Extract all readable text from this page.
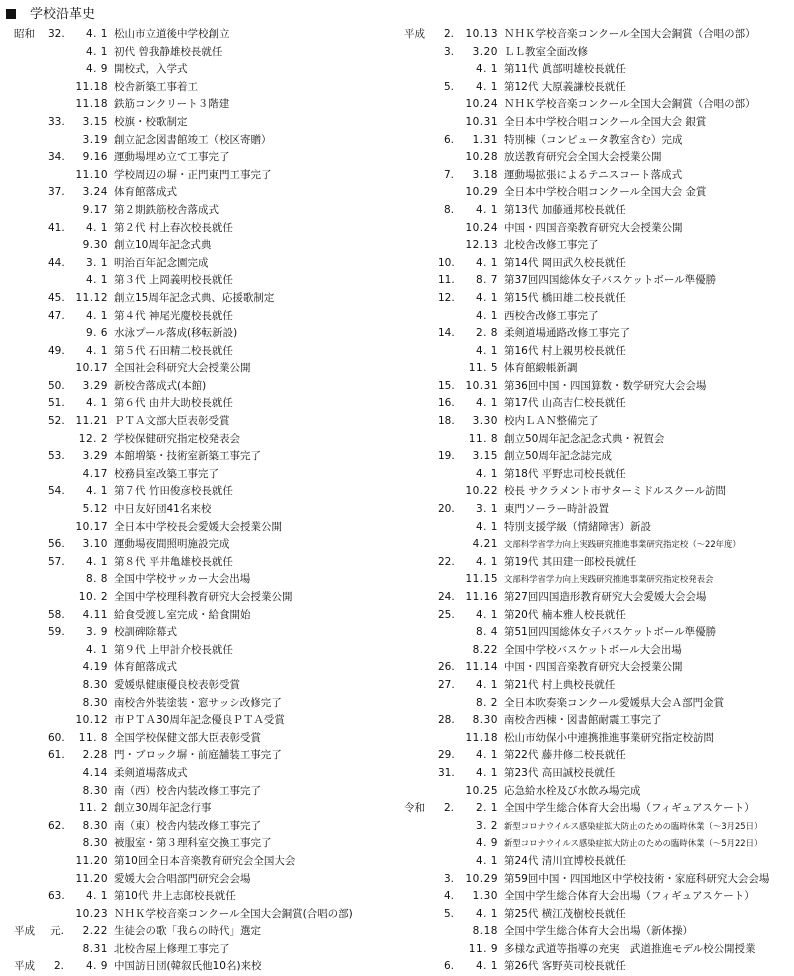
学校沿革史
昭和	32.	4. 1 松山市立道後中学校創立
4. 1 初代 曾我静雄校長就任
4. 9 開校式，入学式
11.18 校舎新築工事着工
11.18 鉄筋コンクリート３階建
33.	3.15 校旗・校歌制定
3.19 創立記念図書館竣工（校区寄贈）
34.	9.16 運動場埋め立て工事完了
11.10 学校周辺の塀・正門東門工事完了
37.	3.24 体育館落成式
9.17 第２期鉄筋校舎落成式
41.	4. 1 第２代 村上春次校長就任
9.30 創立10周年記念式典
44.	3. 1 明治百年記念園完成
4. 1 第３代 上岡義明校長就任
45.	11.12 創立15周年記念式典、応援歌制定
47.	4. 1 第４代 神尾光慶校長就任
9. 6 水泳プール落成(移転新設)
49.	4. 1 第５代 石田精二校長就任
10.17 全国社会科研究大会授業公開
50.	3.29 新校舎落成式(本館)
51.	4. 1 第６代 由井大助校長就任
52.	11.21 ＰＴＡ文部大臣表彰受賞
12. 2 学校保健研究指定校発表会
53.	3.29 本館増築・技術室新築工事完了
4.17 校務員室改築工事完了
54.	4. 1 第７代 竹田俊彦校長就任
5.12 中日友好団41名来校
10.17 全日本中学校長会愛媛大会授業公開
56.	3.10 運動場夜間照明施設完成
57.	4. 1 第８代 平井亀雄校長就任
8. 8 全国中学校サッカー大会出場
10. 2 全国中学校理科教育研究大会授業公開
58.	4.11 給食受渡し室完成・給食開始
59.	3. 9 校訓碑除幕式
4. 1 第９代 上甲計介校長就任
4.19 体育館落成式
8.30 愛媛県健康優良校表彰受賞
8.30 南校舎外装塗装・窓サッシ改修完了
10.12 市ＰＴＡ30周年記念優良ＰＴＡ受賞
60.	11. 8 全国学校保健文部大臣表彰受賞
61.	2.28 門・ブロック塀・前庭舗装工事完了
4.14 柔剣道場落成式
8.30 南（西）校舎内装改修工事完了
11. 2 創立30周年記念行事
62.	8.30 南（東）校舎内装改修工事完了
8.30 被服室・第３理科室交換工事完了
11.20 第10回全日本音楽教育研究会全国大会
11.20 愛媛大会合唱部門研究会会場
63.	4. 1 第10代 井上志郎校長就任
10.23 ＮＨＫ学校音楽コンクール全国大会銅賞(合唱の部)
平成	元.	2.22 生徒会の歌「我らの時代」選定
8.31 北校舎屋上修理工事完了
平成	2.	4. 9 中国訪日団(韓叙氏他10名)来校
平成	2.	10.13 ＮＨＫ学校音楽コンクール全国大会銅賞（合唱の部）
3.	3.20 ＬＬ教室全面改修
4. 1 第11代 眞部明雄校長就任
5.	4. 1 第12代 大原義謙校長就任
10.24 ＮＨＫ学校音楽コンクール全国大会銅賞（合唱の部）
10.31 全日本中学校合唱コンクール全国大会 銀賞
6.	1.31 特別棟（コンピュータ教室含む）完成
10.28 放送教育研究会全国大会授業公開
7.	3.18 運動場拡張によるテニスコート落成式
10.29 全日本中学校合唱コンクール全国大会 金賞
8.	4. 1 第13代 加藤通邦校長就任
10.24 中国・四国音楽教育研究大会授業公開
12.13 北校舎改修工事完了
10.	4. 1 第14代 岡田武久校長就任
11.	8. 7 第37回四国総体女子バスケットボール準優勝
12.	4. 1 第15代 橋田雄二校長就任
4. 1 西校舎改修工事完了
14.	2. 8 柔剣道場通路改修工事完了
4. 1 第16代 村上親男校長就任
11. 5 体育館緞帳新調
15.	10.31 第36回中国・四国算数・数学研究大会会場
16.	4. 1 第17代 山高吉仁校長就任
18.	3.30 校内ＬＡＮ整備完了
11. 8 創立50周年記念記念式典・祝賀会
19.	3.15 創立50周年記念誌完成
4. 1 第18代 平野忠司校長就任
10.22 校長 サクラメント市サターミドルスクール訪問
20.	3. 1 東門ソーラー時計設置
4. 1 特別支援学級（情緒障害）新設
4.21 文部科学省学力向上実践研究推進事業研究指定校（～22年度）
22.	4. 1 第19代 其田建一郎校長就任
11.15 文部科学省学力向上実践研究推進事業研究指定校発表会
24.	11.16 第27回四国造形教育研究大会愛媛大会会場
25.	4. 1 第20代 楠本雅人校長就任
8. 4 第51回四国総体女子バスケットボール準優勝
8.22 全国中学校バスケットボール大会出場
26.	11.14 中国・四国音楽教育研究大会授業公開
27.	4. 1 第21代 村上典校長就任
8. 2 全日本吹奏楽コンクール愛媛県大会Ａ部門金賞
28.	8.30 南校舎西棟・図書館耐震工事完了
11.18 松山市幼保小中連携推進事業研究指定校訪問
29.	4. 1 第22代 藤井修二校長就任
31.	4. 1 第23代 高田誠校長就任
10.25 応急給水栓及び水飲み場完成
令和	2.	2. 1 全国中学生総合体育大会出場（フィギュアスケート）
3. 2 新型コロナウイルス感染症拡大防止のための臨時休業（～3月25日）
4. 9 新型コロナウイルス感染症拡大防止のための臨時休業（～5月22日）
4. 1 第24代 清川宜博校長就任
3.	10.29 第59回中国・四国地区中学校技術・家庭科研究大会会場
4.	1.30 全国中学生総合体育大会出場（フィギュアスケート）
5.	4. 1 第25代 横江茂樹校長就任
8.18 全国中学生総合体育大会出場（新体操）
11. 9 多様な武道等指導の充実　武道推進モデル校公開授業
6.	4. 1 第26代 客野英司校長就任
